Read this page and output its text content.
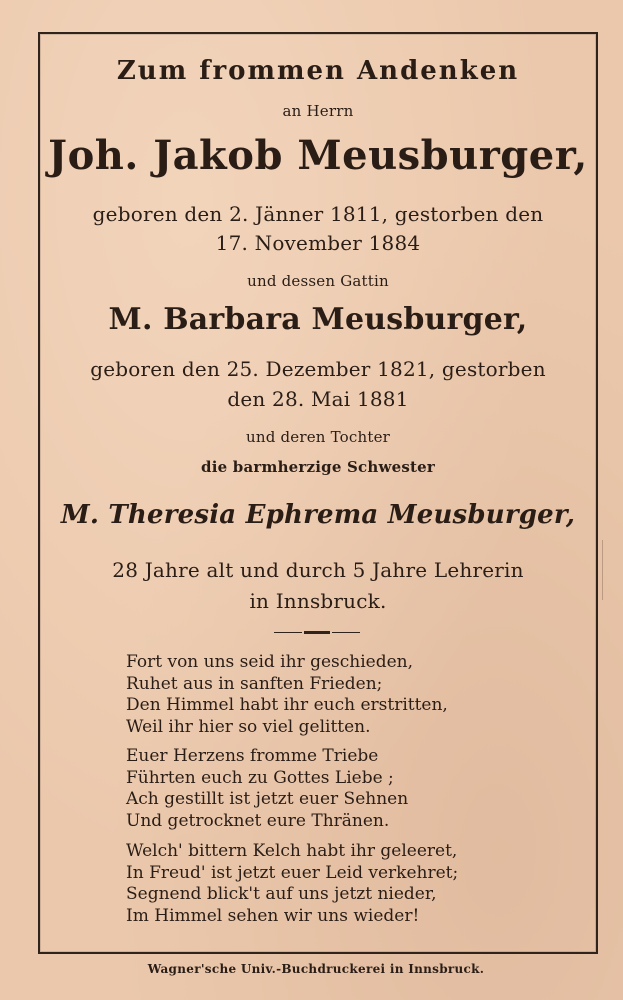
Zum frommen Andenken
an Herrn
Joh. Jakob Meusburger,
geboren den 2. Jänner 1811, gestorben den
17. November 1884
und dessen Gattin
M. Barbara Meusburger,
geboren den 25. Dezember 1821, gestorben
den 28. Mai 1881
und deren Tochter
die barmherzige Schwester
M. Theresia Ephrema Meusburger,
28 Jahre alt und durch 5 Jahre Lehrerin
in Innsbruck.
Fort von uns seid ihr geschieden,
Ruhet aus in sanften Frieden;
Den Himmel habt ihr euch erstritten,
Weil ihr hier so viel gelitten.
Euer Herzens fromme Triebe
Führten euch zu Gottes Liebe ;
Ach gestillt ist jetzt euer Sehnen
Und getrocknet eure Thränen.
Welch' bittern Kelch habt ihr geleeret,
In Freud' ist jetzt euer Leid verkehret;
Segnend blick't auf uns jetzt nieder,
Im Himmel sehen wir uns wieder!
Wagner'sche Univ.-Buchdruckerei in Innsbruck.
